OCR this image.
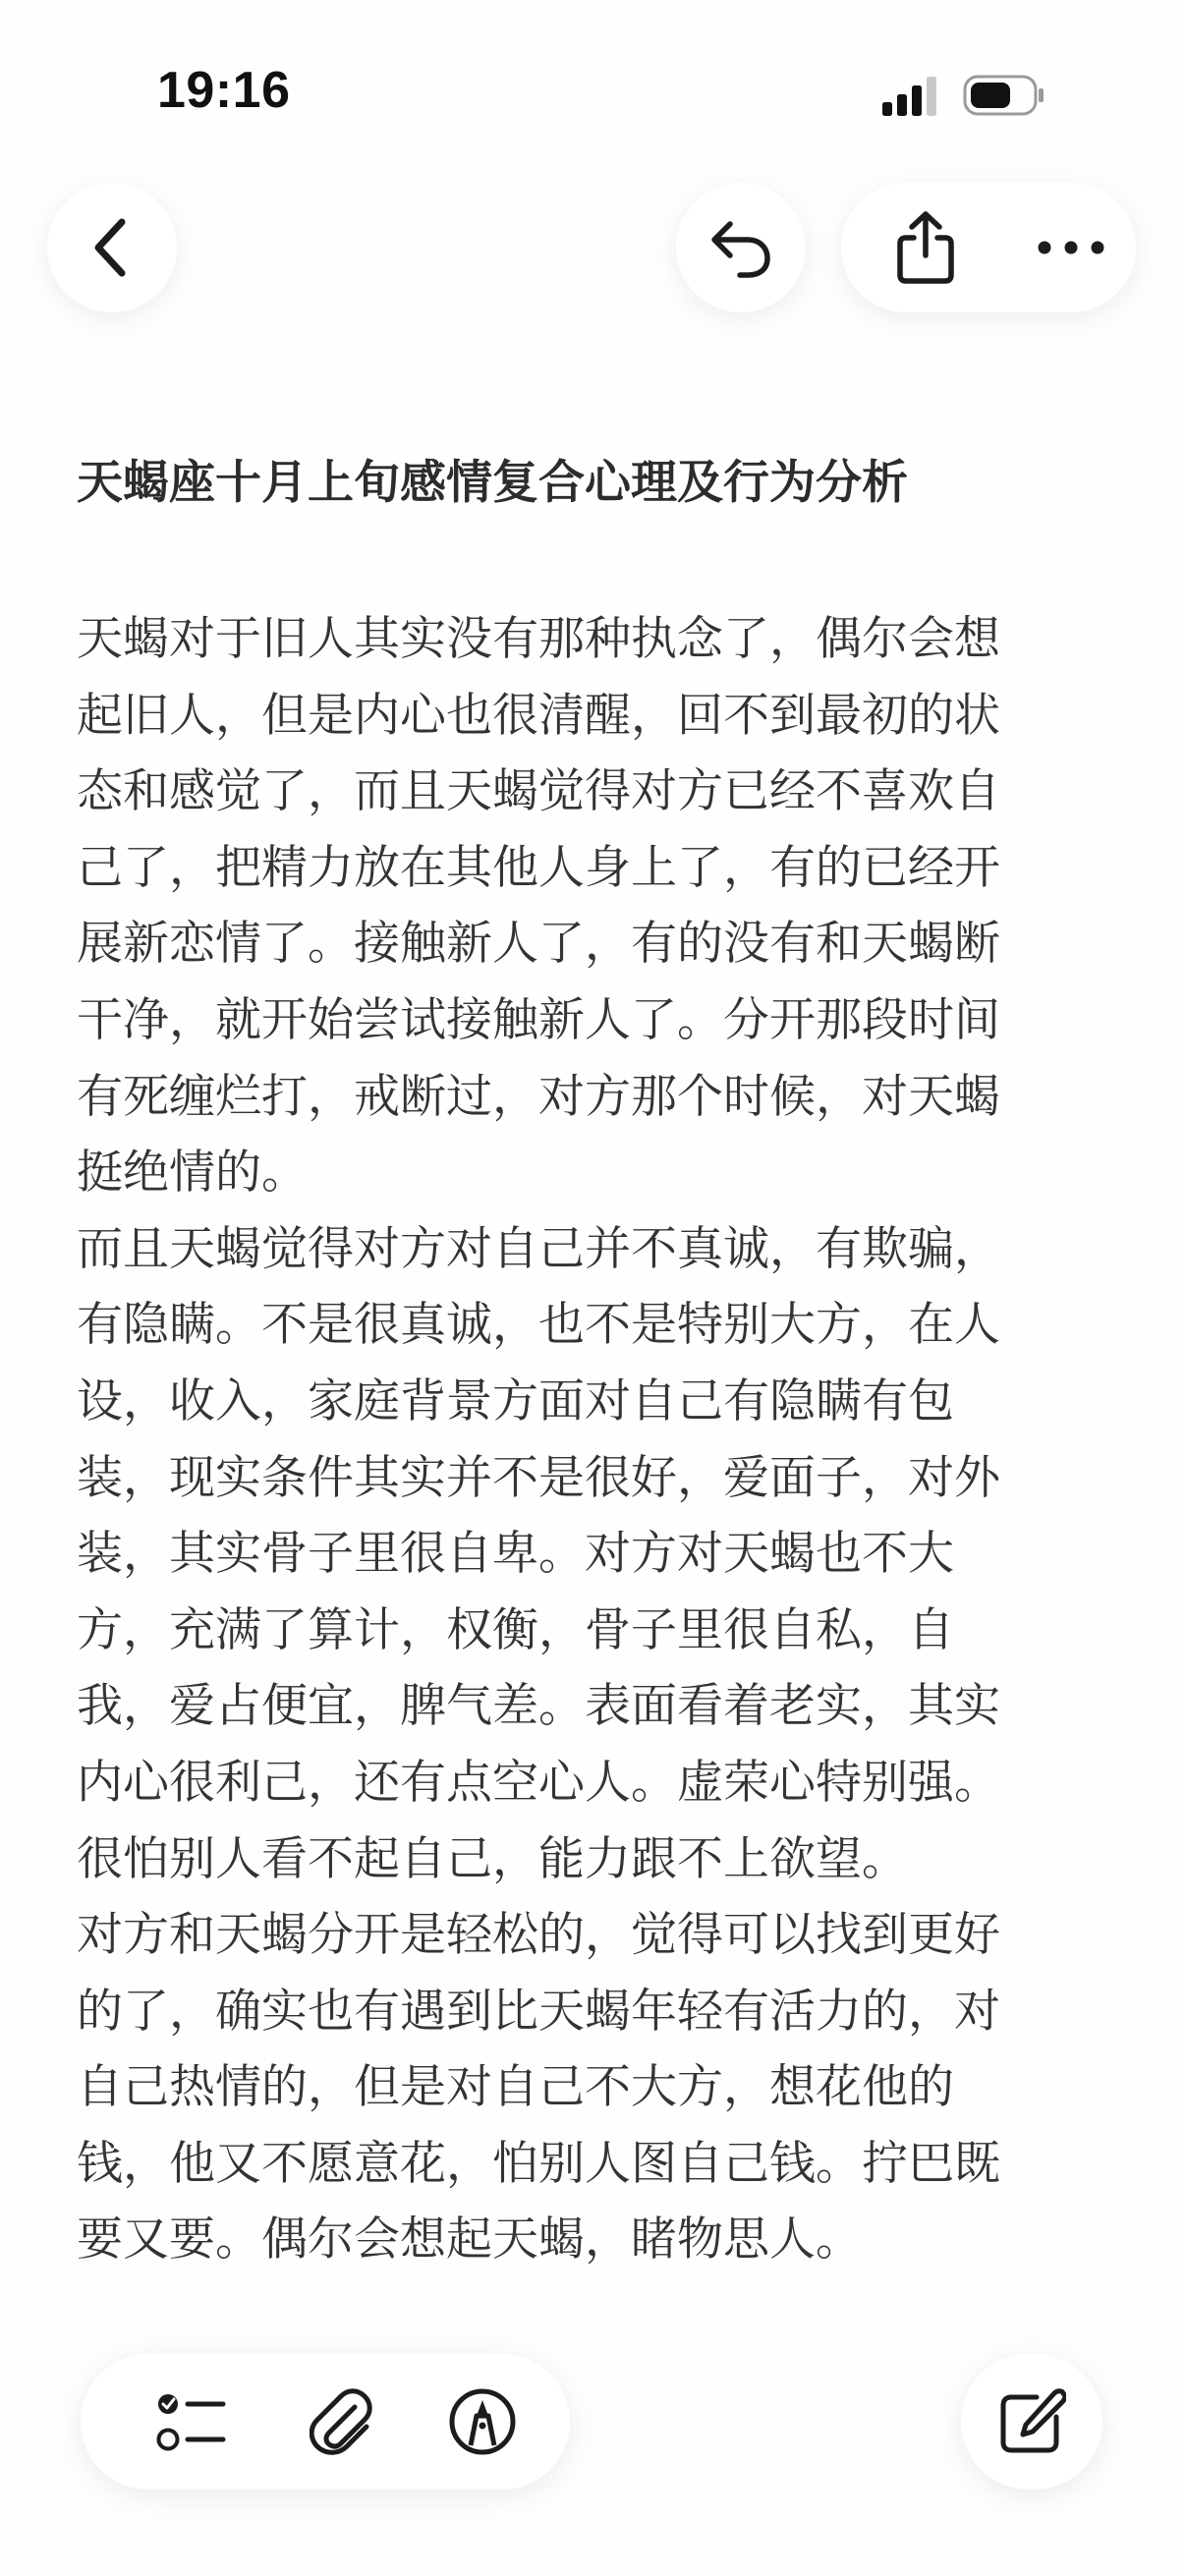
19:16

天蝎座十月上旬感情复合心理及行为分析

天蝎对于旧人其实没有那种执念了，偶尔会想

起旧人，但是内心也很清醒，回不到最初的状

态和感觉了，而且天蝎觉得对方已经不喜欢自

己了，把精力放在其他人身上了，有的已经开

展新恋情了。接触新人了，有的没有和天蝎断

干净，就开始尝试接触新人了。分开那段时间

有死缠烂打，戒断过，对方那个时候，对天蝎

挺绝情的。

而且天蝎觉得对方对自己并不真诚，有欺骗，

有隐瞒。不是很真诚，也不是特别大方，在人

设，收入，家庭背景方面对自己有隐瞒有包

装，现实条件其实并不是很好，爱面子，对外

装，其实骨子里很自卑。对方对天蝎也不大

方，充满了算计，权衡，骨子里很自私，自

我，爱占便宜，脾气差。表面看着老实，其实

内心很利己，还有点空心人。虚荣心特别强。

很怕别人看不起自己，能力跟不上欲望。

对方和天蝎分开是轻松的，觉得可以找到更好

的了，确实也有遇到比天蝎年轻有活力的，对

自己热情的，但是对自己不大方，想花他的

钱，他又不愿意花，怕别人图自己钱。拧巴既

要又要。偶尔会想起天蝎，睹物思人。
